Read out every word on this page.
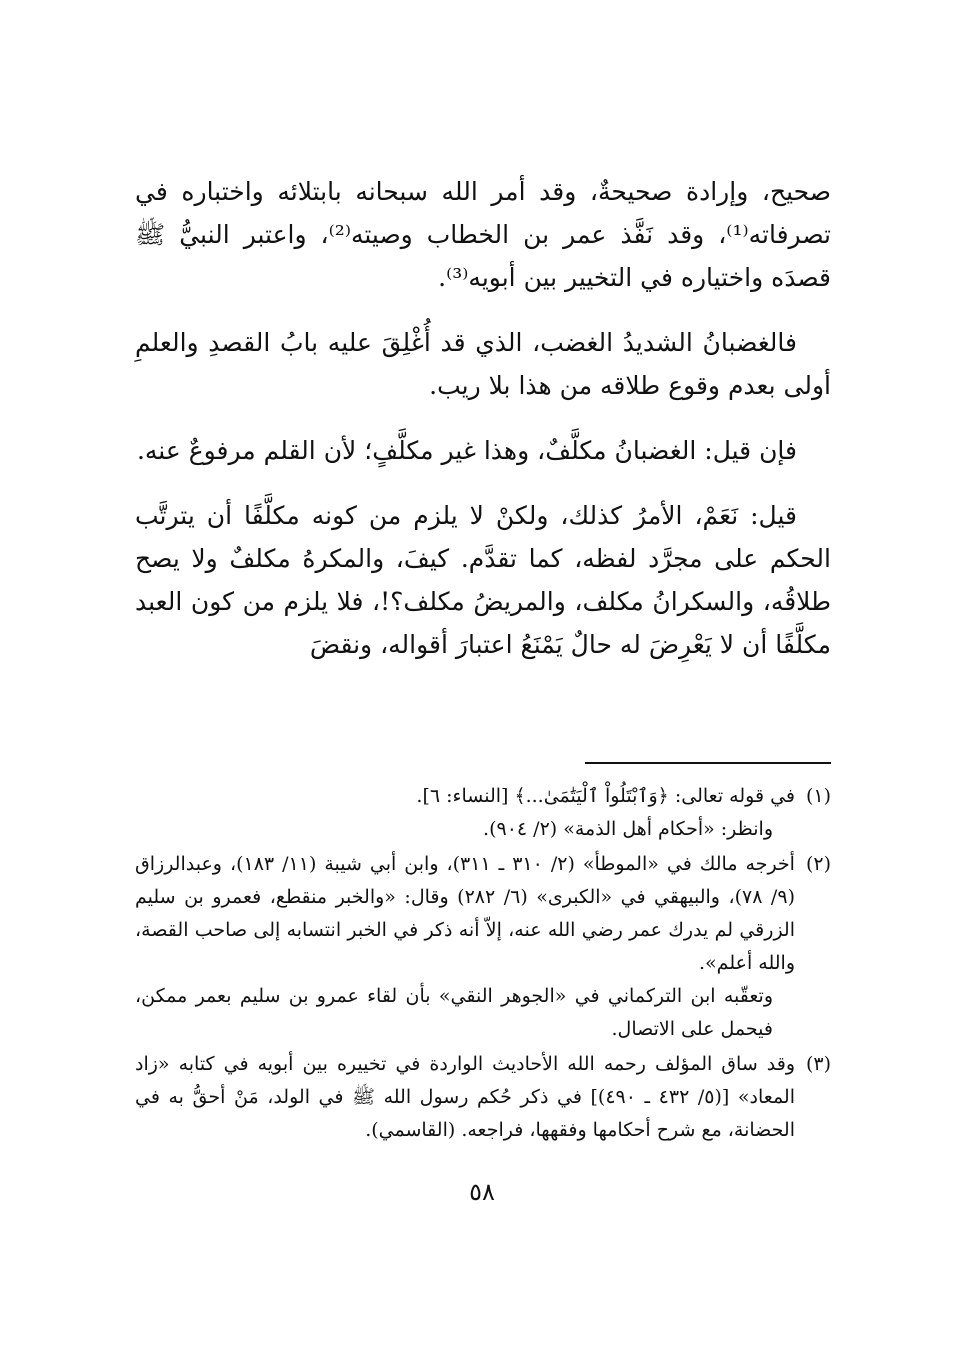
صحيح، وإرادة صحيحةٌ، وقد أمر الله سبحانه بابتلائه واختباره في تصرفاته⁽¹⁾، وقد نَفَّذ عمر بن الخطاب وصيته⁽²⁾، واعتبر النبيُّ ﷺ قصدَه واختياره في التخيير بين أبويه⁽³⁾.

فالغضبانُ الشديدُ الغضب، الذي قد أُغْلِقَ عليه بابُ القصدِ والعلمِ أولى بعدم وقوع طلاقه من هذا بلا ريب.

فإن قيل: الغضبانُ مكلَّفٌ، وهذا غير مكلَّفٍ؛ لأن القلم مرفوعٌ عنه.

قيل: نَعَمْ، الأمرُ كذلك، ولكنْ لا يلزم من كونه مكلَّفًا أن يترتَّب الحكم على مجرَّد لفظه، كما تقدَّم. كيفَ، والمكرهُ مكلفٌ ولا يصح طلاقُه، والسكرانُ مكلف، والمريضُ مكلف؟!، فلا يلزم من كون العبد مكلَّفًا أن لا يَعْرِضَ له حالٌ يَمْنَعُ اعتبارَ أقواله، ونقضَ

(١)
في قوله تعالى: ﴿وَٱبْتَلُواْ ٱلْيَتَٰمَىٰ...﴾ [النساء: ٦].
وانظر: «أحكام أهل الذمة» (٢/ ٩٠٤).
(٢)
أخرجه مالك في «الموطأ» (٢/ ٣١٠ ـ ٣١١)، وابن أبي شيبة (١١/ ١٨٣)، وعبدالرزاق (٩/ ٧٨)، والبيهقي في «الكبرى» (٦/ ٢٨٢) وقال: «والخبر منقطع، فعمرو بن سليم الزرقي لم يدرك عمر رضي الله عنه، إلاّ أنه ذكر في الخبر انتسابه إلى صاحب القصة، والله أعلم».
وتعقّبه ابن التركماني في «الجوهر النقي» بأن لقاء عمرو بن سليم بعمر ممكن، فيحمل على الاتصال.
(٣)
وقد ساق المؤلف رحمه الله الأحاديث الواردة في تخييره بين أبويه في كتابه «زاد المعاد» [(٥/ ٤٣٢ ـ ٤٩٠)] في ذكر حُكم رسول الله ﷺ في الولد، مَنْ أحقُّ به في الحضانة، مع شرح أحكامها وفقهها، فراجعه. (القاسمي).
٥٨
